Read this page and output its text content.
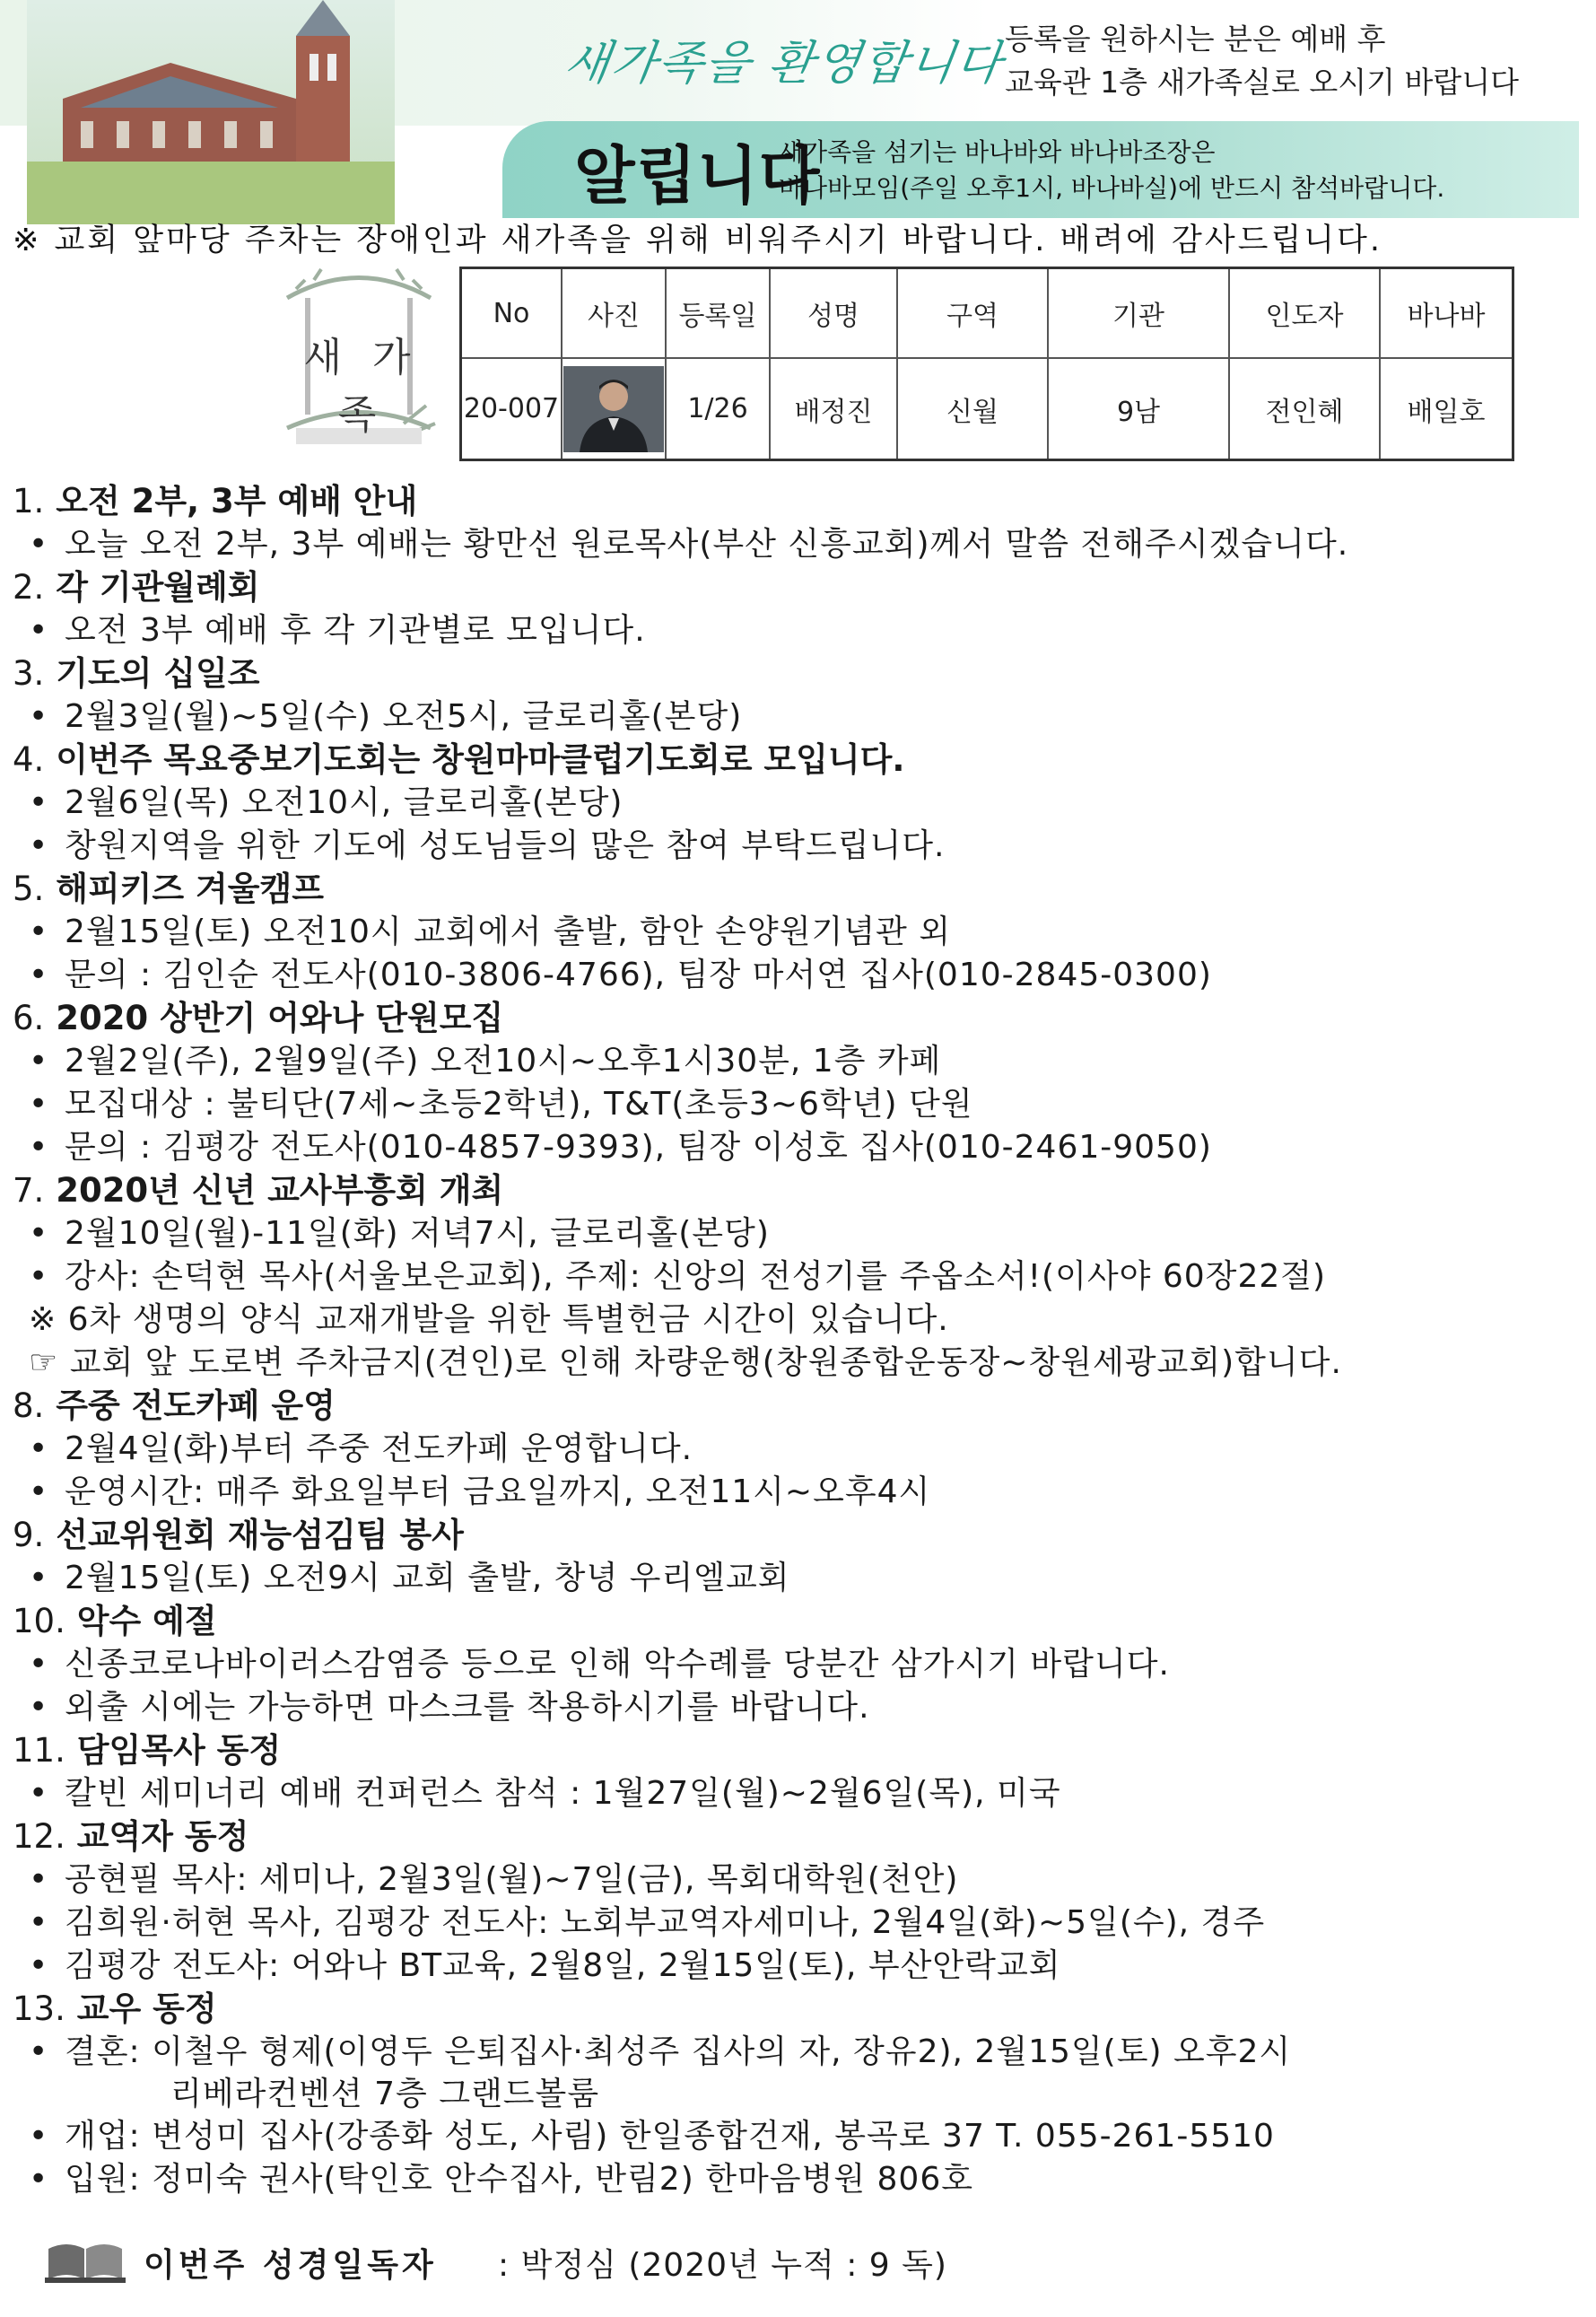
새가족을 환영합니다
등록을 원하시는 분은 예배 후
교육관 1층 새가족실로 오시기 바랍니다
알립니다
새가족을 섬기는 바나바와 바나바조장은
바나바모임(주일 오후1시, 바나바실)에 반드시 참석바랍니다.
※ 교회 앞마당 주차는 장애인과 새가족을 위해 비워주시기 바랍니다. 배려에 감사드립니다.
새 가 족
No	사진	등록일	성명	구역	기관	인도자	바나바
20-007		1/26	배정진	신월	9남	전인혜	배일호
1. 오전 2부, 3부 예배 안내
• 오늘 오전 2부, 3부 예배는 황만선 원로목사(부산 신흥교회)께서 말씀 전해주시겠습니다.
2. 각 기관월례회
• 오전 3부 예배 후 각 기관별로 모입니다.
3. 기도의 십일조
• 2월3일(월)~5일(수) 오전5시, 글로리홀(본당)
4. 이번주 목요중보기도회는 창원마마클럽기도회로 모입니다.
• 2월6일(목) 오전10시, 글로리홀(본당)
• 창원지역을 위한 기도에 성도님들의 많은 참여 부탁드립니다.
5. 해피키즈 겨울캠프
• 2월15일(토) 오전10시 교회에서 출발, 함안 손양원기념관 외
• 문의 : 김인순 전도사(010-3806-4766), 팀장 마서연 집사(010-2845-0300)
6. 2020 상반기 어와나 단원모집
• 2월2일(주), 2월9일(주) 오전10시~오후1시30분, 1층 카페
• 모집대상 : 불티단(7세~초등2학년), T&T(초등3~6학년) 단원
• 문의 : 김평강 전도사(010-4857-9393), 팀장 이성호 집사(010-2461-9050)
7. 2020년 신년 교사부흥회 개최
• 2월10일(월)-11일(화) 저녁7시, 글로리홀(본당)
• 강사: 손덕현 목사(서울보은교회), 주제: 신앙의 전성기를 주옵소서!(이사야 60장22절)
※ 6차 생명의 양식 교재개발을 위한 특별헌금 시간이 있습니다.
☞ 교회 앞 도로변 주차금지(견인)로 인해 차량운행(창원종합운동장~창원세광교회)합니다.
8. 주중 전도카페 운영
• 2월4일(화)부터 주중 전도카페 운영합니다.
• 운영시간: 매주 화요일부터 금요일까지, 오전11시~오후4시
9. 선교위원회 재능섬김팀 봉사
• 2월15일(토) 오전9시 교회 출발, 창녕 우리엘교회
10. 악수 예절
• 신종코로나바이러스감염증 등으로 인해 악수례를 당분간 삼가시기 바랍니다.
• 외출 시에는 가능하면 마스크를 착용하시기를 바랍니다.
11. 담임목사 동정
• 칼빈 세미너리 예배 컨퍼런스 참석 : 1월27일(월)~2월6일(목), 미국
12. 교역자 동정
• 공현필 목사: 세미나, 2월3일(월)~7일(금), 목회대학원(천안)
• 김희원·허현 목사, 김평강 전도사: 노회부교역자세미나, 2월4일(화)~5일(수), 경주
• 김평강 전도사: 어와나 BT교육, 2월8일, 2월15일(토), 부산안락교회
13. 교우 동정
• 결혼: 이철우 형제(이영두 은퇴집사·최성주 집사의 자, 장유2), 2월15일(토) 오후2시
리베라컨벤션 7층 그랜드볼룸
• 개업: 변성미 집사(강종화 성도, 사림) 한일종합건재, 봉곡로 37 T. 055-261-5510
• 입원: 정미숙 권사(탁인호 안수집사, 반림2) 한마음병원 806호
이번주 성경일독자 : 박정심 (2020년 누적 : 9 독)
